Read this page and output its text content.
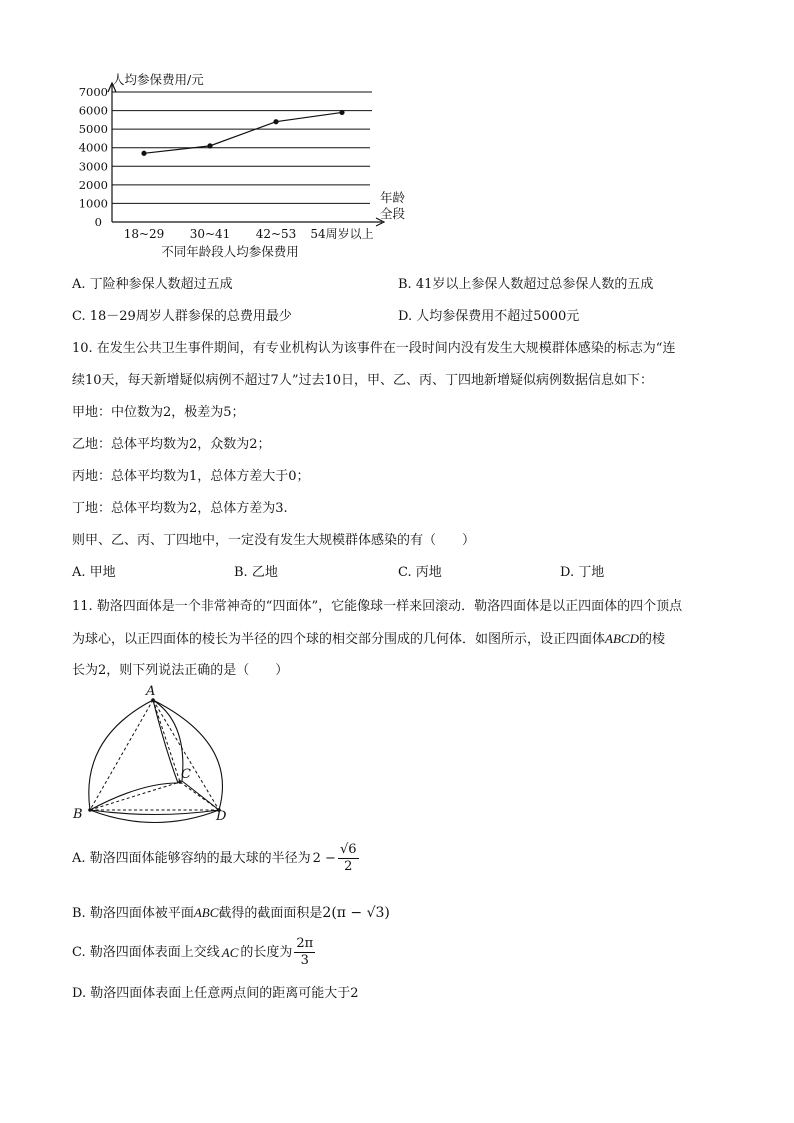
7000
6000
5000
4000
3000
2000
1000
0
人均参保费用/元
年龄
全段
18~29 30~41 42~53 54周岁以上
不同年龄段人均参保费用
A. 丁险种参保人数超过五成	B. 41岁以上参保人数超过总参保人数的五成
C. 18－29周岁人群参保的总费用最少	D. 人均参保费用不超过5000元
10. 在发生公共卫生事件期间，有专业机构认为该事件在一段时间内没有发生大规模群体感染的标志为“连
续10天，每天新增疑似病例不超过7人”过去10日，甲、乙、丙、丁四地新增疑似病例数据信息如下：
甲地：中位数为2，极差为5；
乙地：总体平均数为2，众数为2；
丙地：总体平均数为1，总体方差大于0；
丁地：总体平均数为2，总体方差为3.
则甲、乙、丙、丁四地中，一定没有发生大规模群体感染的有（　　）
A. 甲地	B. 乙地	C. 丙地	D. 丁地
11. 勒洛四面体是一个非常神奇的“四面体”，它能像球一样来回滚动．勒洛四面体是以正四面体的四个顶点
为球心，以正四面体的棱长为半径的四个球的相交部分围成的几何体．如图所示，设正四面体ABCD的棱
长为2，则下列说法正确的是（　　）
A
B
C
D
A. 勒洛四面体能够容纳的最大球的半径为 $2 - \frac{√6}{2}$
B. 勒洛四面体被平面ABC截得的截面面积是2(π − √3)
C. 勒洛四面体表面上交线 AC 的长度为 $\frac{2\pi}{3}$
D. 勒洛四面体表面上任意两点间的距离可能大于2
